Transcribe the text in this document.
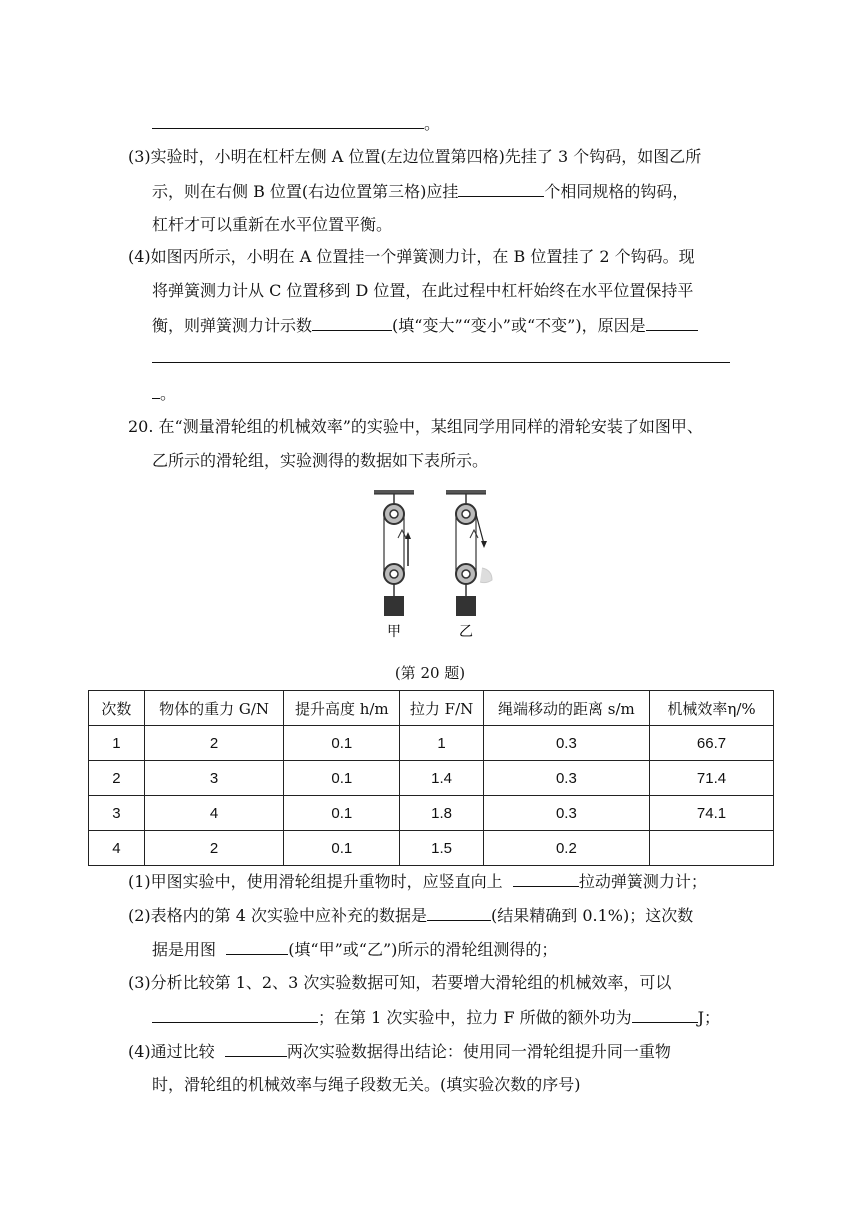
。
(3)实验时，小明在杠杆左侧 A 位置(左边位置第四格)先挂了 3 个钩码，如图乙所
示，则在右侧 B 位置(右边位置第三格)应挂	个相同规格的钩码，
杠杆才可以重新在水平位置平衡。
(4)如图丙所示，小明在 A 位置挂一个弹簧测力计，在 B 位置挂了 2 个钩码。现
将弹簧测力计从 C 位置移到 D 位置，在此过程中杠杆始终在水平位置保持平
衡，则弹簧测力计示数	(填“变大”“变小”或“不变”)，原因是
。
20. 在“测量滑轮组的机械效率”的实验中，某组同学用同样的滑轮安装了如图甲、
乙所示的滑轮组，实验测得的数据如下表所示。
甲	乙
(第 20 题)
次数	物体的重力 G/N	提升高度 h/m	拉力 F/N	绳端移动的距离 s/m	机械效率η/%
1	2	0.1	1	0.3	66.7
2	3	0.1	1.4	0.3	71.4
3	4	0.1	1.8	0.3	74.1
4	2	0.1	1.5	0.2	
(1)甲图实验中，使用滑轮组提升重物时，应竖直向上	拉动弹簧测力计；
(2)表格内的第 4 次实验中应补充的数据是	(结果精确到 0.1%)；这次数
据是用图	(填“甲”或“乙”)所示的滑轮组测得的；
(3)分析比较第 1、2、3 次实验数据可知，若要增大滑轮组的机械效率，可以
；在第 1 次实验中，拉力 F 所做的额外功为	J；
(4)通过比较	两次实验数据得出结论：使用同一滑轮组提升同一重物
时，滑轮组的机械效率与绳子段数无关。(填实验次数的序号)
